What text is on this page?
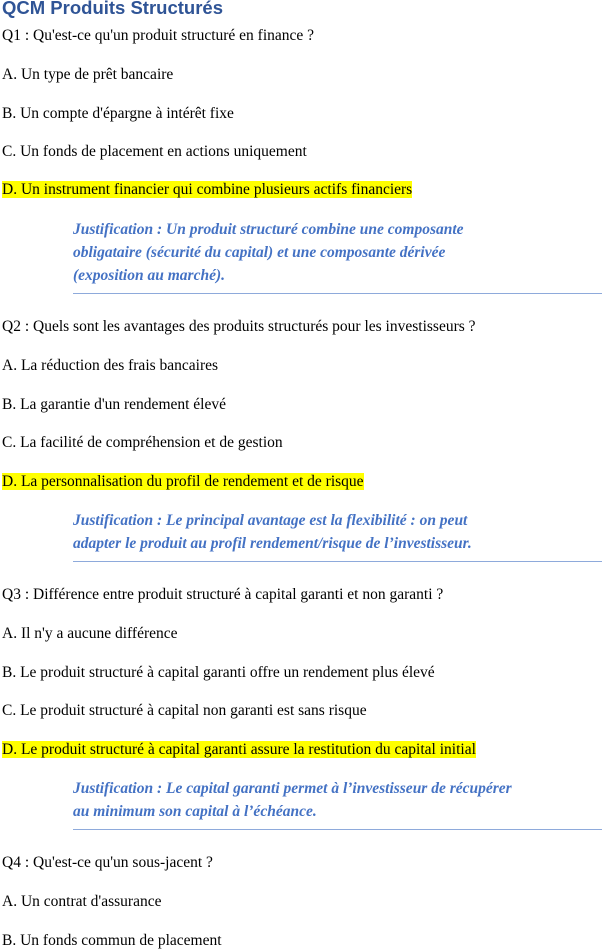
QCM Produits Structurés
Q1 : Qu'est-ce qu'un produit structuré en finance ?
A. Un type de prêt bancaire
B. Un compte d'épargne à intérêt fixe
C. Un fonds de placement en actions uniquement
D. Un instrument financier qui combine plusieurs actifs financiers
Justification : Un produit structuré combine une composante
obligataire (sécurité du capital) et une composante dérivée
(exposition au marché).
Q2 : Quels sont les avantages des produits structurés pour les investisseurs ?
A. La réduction des frais bancaires
B. La garantie d'un rendement élevé
C. La facilité de compréhension et de gestion
D. La personnalisation du profil de rendement et de risque
Justification : Le principal avantage est la flexibilité : on peut
adapter le produit au profil rendement/risque de l’investisseur.
Q3 : Différence entre produit structuré à capital garanti et non garanti ?
A. Il n'y a aucune différence
B. Le produit structuré à capital garanti offre un rendement plus élevé
C. Le produit structuré à capital non garanti est sans risque
D. Le produit structuré à capital garanti assure la restitution du capital initial
Justification : Le capital garanti permet à l’investisseur de récupérer
au minimum son capital à l’échéance.
Q4 : Qu'est-ce qu'un sous-jacent ?
A. Un contrat d'assurance
B. Un fonds commun de placement
